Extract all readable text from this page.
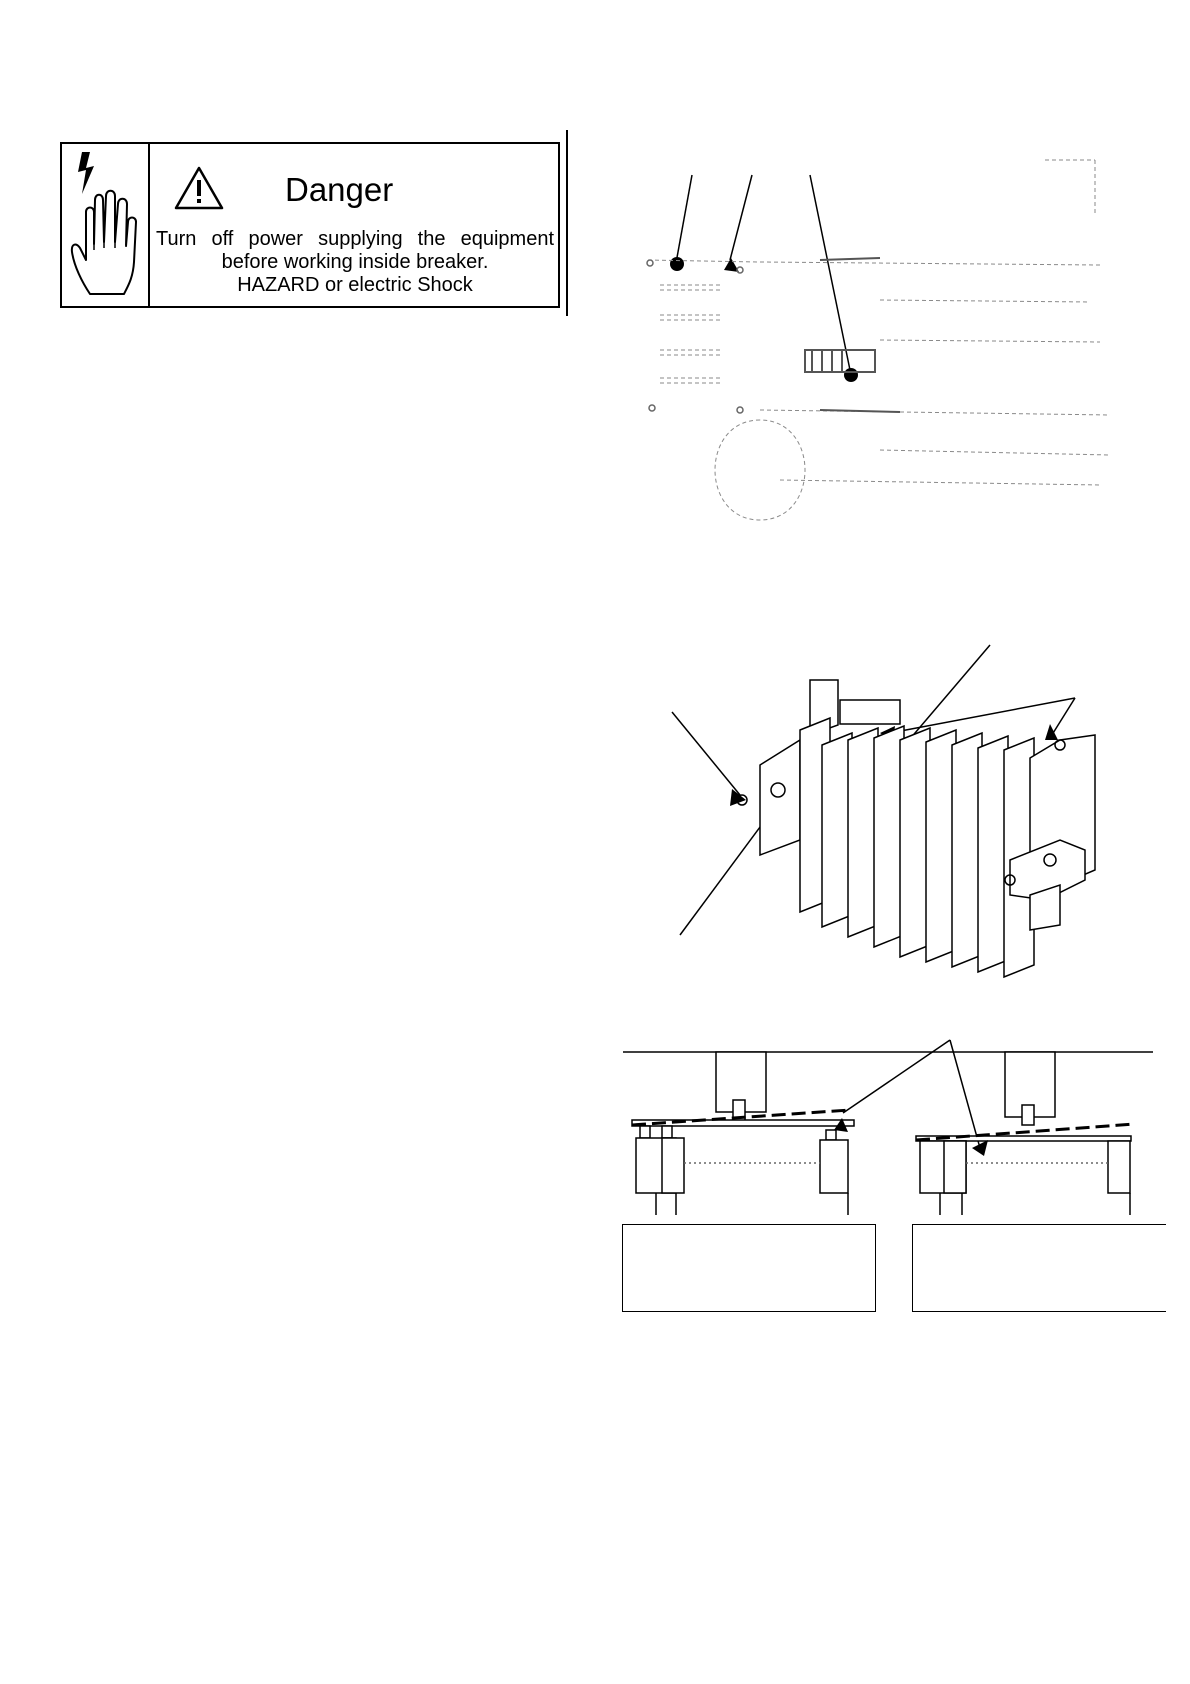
Danger
Turn off power supplying the equipment
before working inside breaker.
HAZARD or electric Shock
